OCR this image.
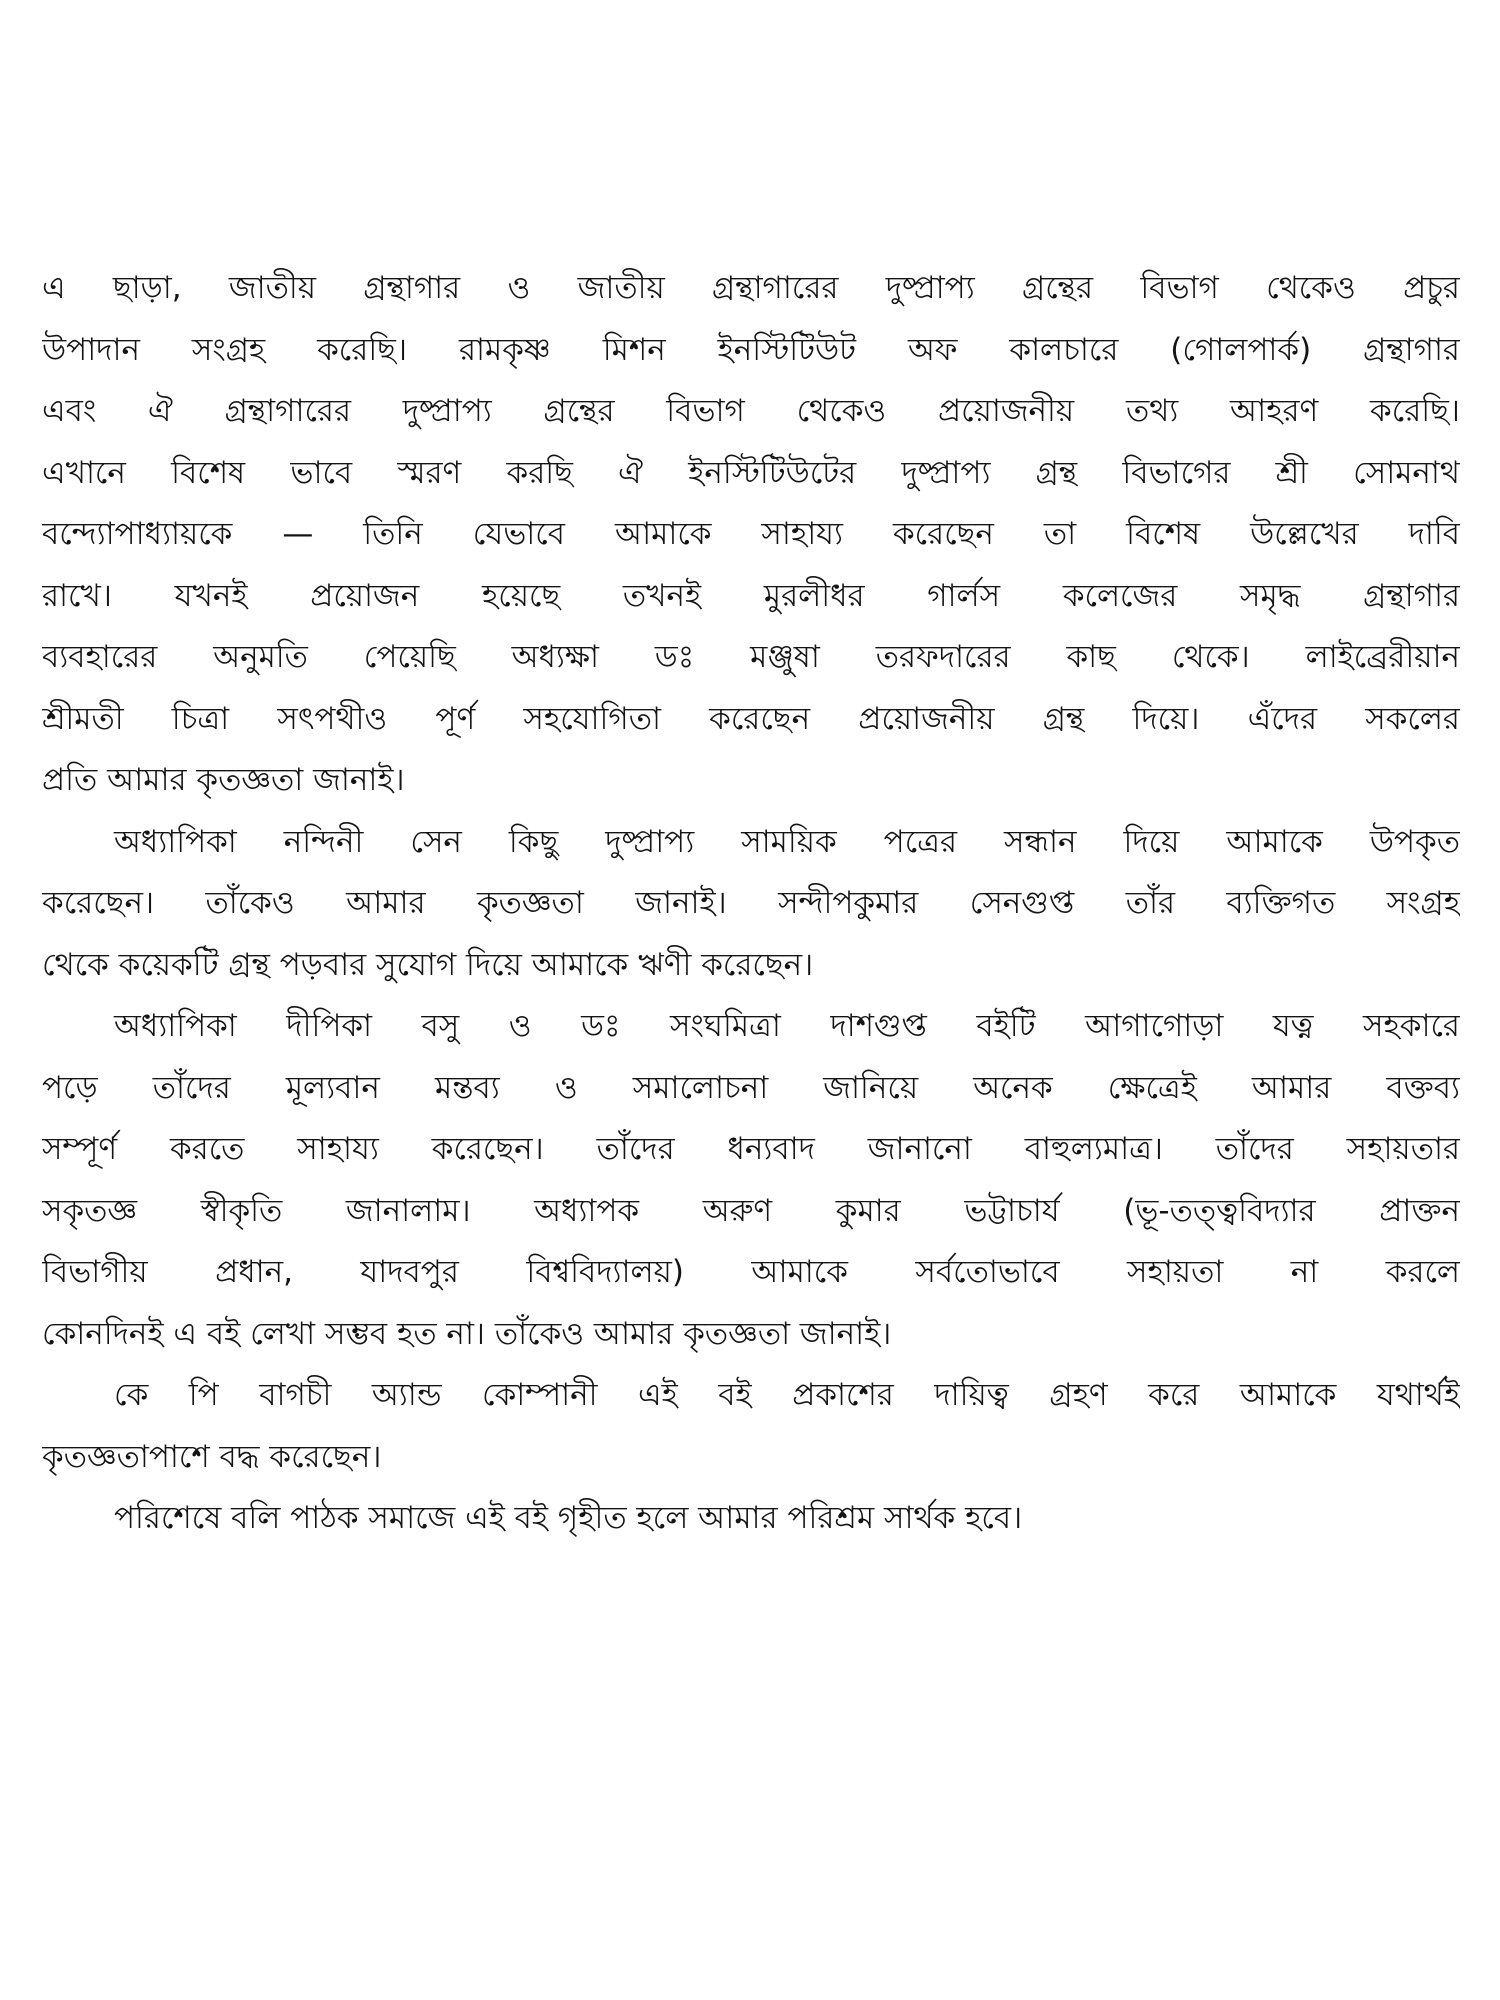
এ ছাড়া, জাতীয় গ্রন্থাগার ও জাতীয় গ্রন্থাগারের দুষ্প্রাপ্য গ্রন্থের বিভাগ থেকেও প্রচুর
উপাদান সংগ্রহ করেছি। রামকৃষ্ণ মিশন ইনস্টিটিউট অফ কালচারে (গোলপার্ক) গ্রন্থাগার
এবং ঐ গ্রন্থাগারের দুষ্প্রাপ্য গ্রন্থের বিভাগ থেকেও প্রয়োজনীয় তথ্য আহরণ করেছি।
এখানে বিশেষ ভাবে স্মরণ করছি ঐ ইনস্টিটিউটের দুষ্প্রাপ্য গ্রন্থ বিভাগের শ্রী সোমনাথ
বন্দ্যোপাধ্যায়কে — তিনি যেভাবে আমাকে সাহায্য করেছেন তা বিশেষ উল্লেখের দাবি
রাখে। যখনই প্রয়োজন হয়েছে তখনই মুরলীধর গার্লস কলেজের সমৃদ্ধ গ্রন্থাগার
ব্যবহারের অনুমতি পেয়েছি অধ্যক্ষা ডঃ মঞ্জুষা তরফদারের কাছ থেকে। লাইব্রেরীয়ান
শ্রীমতী চিত্রা সৎপথীও পূর্ণ সহযোগিতা করেছেন প্রয়োজনীয় গ্রন্থ দিয়ে। এঁদের সকলের
প্রতি আমার কৃতজ্ঞতা জানাই।
অধ্যাপিকা নন্দিনী সেন কিছু দুষ্প্রাপ্য সাময়িক পত্রের সন্ধান দিয়ে আমাকে উপকৃত
করেছেন। তাঁকেও আমার কৃতজ্ঞতা জানাই। সন্দীপকুমার সেনগুপ্ত তাঁর ব্যক্তিগত সংগ্রহ
থেকে কয়েকটি গ্রন্থ পড়বার সুযোগ দিয়ে আমাকে ঋণী করেছেন।
অধ্যাপিকা দীপিকা বসু ও ডঃ সংঘমিত্রা দাশগুপ্ত বইটি আগাগোড়া যত্ন সহকারে
পড়ে তাঁদের মূল্যবান মন্তব্য ও সমালোচনা জানিয়ে অনেক ক্ষেত্রেই আমার বক্তব্য
সম্পূর্ণ করতে সাহায্য করেছেন। তাঁদের ধন্যবাদ জানানো বাহুল্যমাত্র। তাঁদের সহায়তার
সকৃতজ্ঞ স্বীকৃতি জানালাম। অধ্যাপক অরুণ কুমার ভট্টাচার্য (ভূ-তত্ত্ববিদ্যার প্রাক্তন
বিভাগীয় প্রধান, যাদবপুর বিশ্ববিদ্যালয়) আমাকে সর্বতোভাবে সহায়তা না করলে
কোনদিনই এ বই লেখা সম্ভব হত না। তাঁকেও আমার কৃতজ্ঞতা জানাই।
কে পি বাগচী অ্যান্ড কোম্পানী এই বই প্রকাশের দায়িত্ব গ্রহণ করে আমাকে যথার্থই
কৃতজ্ঞতাপাশে বদ্ধ করেছেন।
পরিশেষে বলি পাঠক সমাজে এই বই গৃহীত হলে আমার পরিশ্রম সার্থক হবে।
